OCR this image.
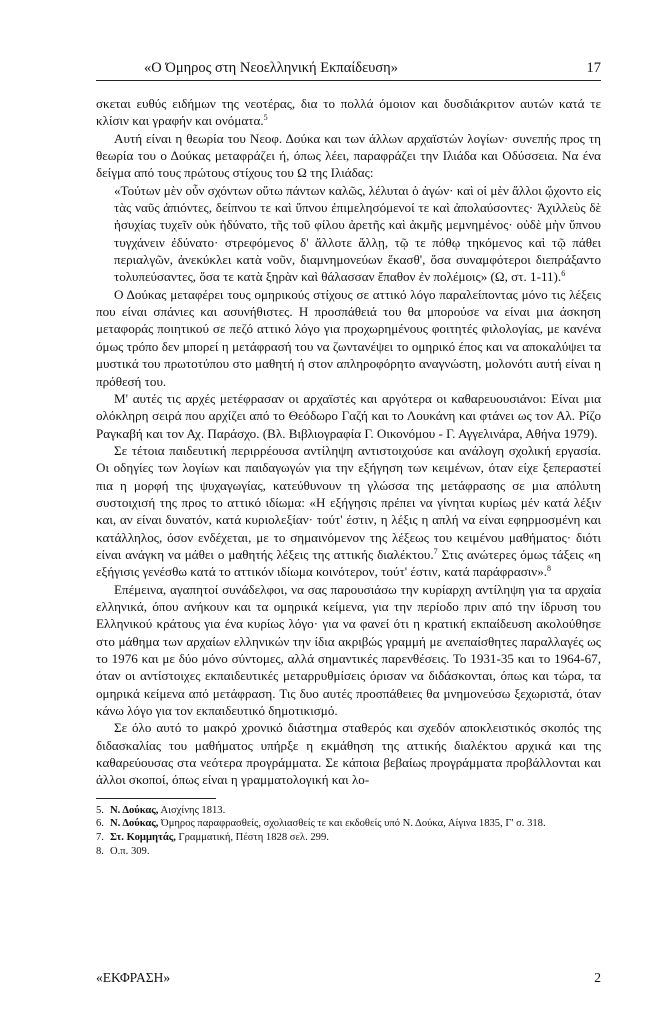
«Ο Όμηρος στη Νεοελληνική Εκπαίδευση»	17

σκεται ευθύς ειδήμων της νεοτέρας, δια το πολλά όμοιον και δυσδιάκριτον αυτών κατά τε κλίσιν και γραφήν και ονόματα.$^5$

Αυτή είναι η θεωρία του Νεοφ. Δούκα και των άλλων αρχαϊστών λογίων· συνεπής προς τη θεωρία του ο Δούκας μεταφράζει ή, όπως λέει, παραφράζει την Ιλιάδα και Οδύσσεια. Να ένα δείγμα από τους πρώτους στίχους του Ω της Ιλιάδας:

«Τούτων μὲν οὖν σχόντων οὕτω πάντων καλῶς, λέλυται ὁ ἀγών· καὶ οἱ μὲν ἄλλοι ᾤχοντο εἰς τὰς ναῦς ἀπιόντες, δείπνου τε καὶ ὕπνου ἐπιμελησόμενοί τε καὶ ἀπολαύσοντες· Ἀχιλλεὺς δὲ ἡσυχίας τυχεῖν οὐκ ἠδύνατο, τῆς τοῦ φίλου ἀρετῆς καὶ ἀκμῆς μεμνημένος· οὐδὲ μὴν ὕπνου τυγχάνειν ἐδύνατο· στρεφόμενος δ' ἄλλοτε ἄλλῃ, τῷ τε πόθῳ τηκόμενος καὶ τῷ πάθει περιαλγῶν, ἀνεκύκλει κατὰ νοῦν, διαμνημονεύων ἕκασθ', ὅσα συναμφότεροι διεπράξαντο τολυπεύσαντες, ὅσα τε κατὰ ξηρὰν καὶ θάλασσαν ἔπαθον ἐν πολέμοις» (Ω, στ. 1-11).$^6$

Ο Δούκας μεταφέρει τους ομηρικούς στίχους σε αττικό λόγο παραλείποντας μόνο τις λέξεις που είναι σπάνιες και ασυνήθιστες. Η προσπάθειά του θα μπορούσε να είναι μια άσκηση μεταφοράς ποιητικού σε πεζό αττικό λόγο για προχωρημένους φοιτητές φιλολογίας, με κανένα όμως τρόπο δεν μπορεί η μετάφρασή του να ζωντανέψει το ομηρικό έπος και να αποκαλύψει τα μυστικά του πρωτοτύπου στο μαθητή ή στον απληροφόρητο αναγνώστη, μολονότι αυτή είναι η πρόθεσή του.

Μ' αυτές τις αρχές μετέφρασαν οι αρχαϊστές και αργότερα οι καθαρευουσιάνοι: Είναι μια ολόκληρη σειρά που αρχίζει από το Θεόδωρο Γαζή και το Λουκάνη και φτάνει ως τον Αλ. Ρίζο Ραγκαβή και τον Αχ. Παράσχο. (Βλ. Βιβλιογραφία Γ. Οικονόμου - Γ. Αγγελινάρα, Αθήνα 1979).

Σε τέτοια παιδευτική περιρρέουσα αντίληψη αντιστοιχούσε και ανάλογη σχολική εργασία. Οι οδηγίες των λογίων και παιδαγωγών για την εξήγηση των κειμένων, όταν είχε ξεπεραστεί πια η μορφή της ψυχαγωγίας, κατεύθυνουν τη γλώσσα της μετάφρασης σε μια απόλυτη συστοιχισή της προς το αττικό ιδίωμα: «Η εξήγησις πρέπει να γίνηται κυρίως μέν κατά λέξιν και, αν είναι δυνατόν, κατά κυριολεξίαν· τούτ' έστιν, η λέξις η απλή να είναι εφηρμοσμένη και κατάλληλος, όσον ενδέχεται, με το σημαινόμενον της λέξεως του κειμένου μαθήματος· διότι είναι ανάγκη να μάθει ο μαθητής λέξεις της αττικής διαλέκτου.$^7$ Στις ανώτερες όμως τάξεις «η εξήγισις γενέσθω κατά το αττικόν ιδίωμα κοινότερον, τούτ' έστιν, κατά παράφρασιν».$^8$

Επέμεινα, αγαπητοί συνάδελφοι, να σας παρουσιάσω την κυρίαρχη αντίληψη για τα αρχαία ελληνικά, όπου ανήκουν και τα ομηρικά κείμενα, για την περίοδο πριν από την ίδρυση του Ελληνικού κράτους για ένα κυρίως λόγο· για να φανεί ότι η κρατική εκπαίδευση ακολούθησε στο μάθημα των αρχαίων ελληνικών την ίδια ακριβώς γραμμή με ανεπαίσθητες παραλλαγές ως το 1976 και με δύο μόνο σύντομες, αλλά σημαντικές παρενθέσεις. Το 1931-35 και το 1964-67, όταν οι αντίστοιχες εκπαιδευτικές μεταρρυθμίσεις όρισαν να διδάσκονται, όπως και τώρα, τα ομηρικά κείμενα από μετάφραση. Τις δυο αυτές προσπάθειες θα μνημονεύσω ξεχωριστά, όταν κάνω λόγο για τον εκπαιδευτικό δημοτικισμό.

Σε όλο αυτό το μακρό χρονικό διάστημα σταθερός και σχεδόν αποκλειστικός σκοπός της διδασκαλίας του μαθήματος υπήρξε η εκμάθηση της αττικής διαλέκτου αρχικά και της καθαρεύουσας στα νεότερα προγράμματα. Σε κάποια βεβαίως προγράμματα προβάλλονται και άλλοι σκοποί, όπως είναι η γραμματολογική και λο-

5. Ν. Δούκας, Αισχίνης 1813.
6. Ν. Δούκας, Όμηρος παραφρασθείς, σχολιασθείς τε και εκδοθείς υπό Ν. Δούκα, Αίγινα 1835, Γ' σ. 318.
7. Στ. Κομμητάς, Γραμματική, Πέστη 1828 σελ. 299.
8. Ο.π. 309.
«ΕΚΦΡΑΣΗ»	2
